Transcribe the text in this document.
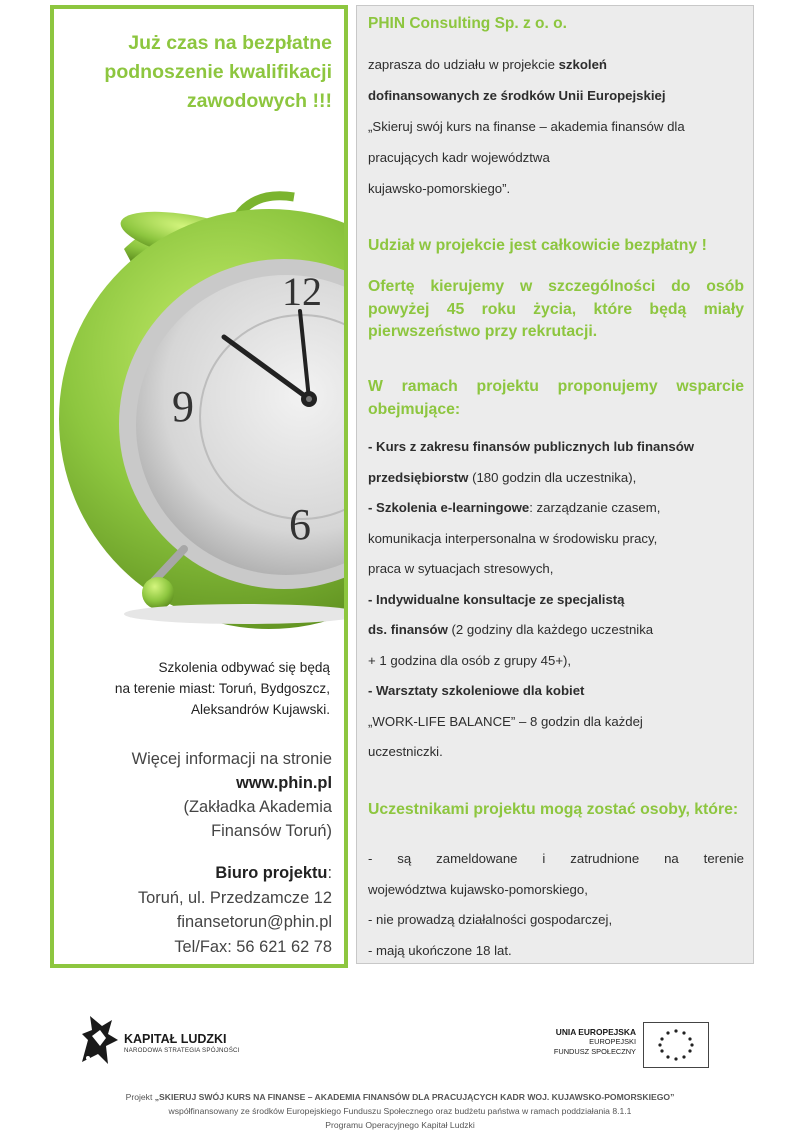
Już czas na bezpłatne
podnoszenie kwalifikacji
zawodowych !!!
12
9
6
Szkolenia odbywać się będą
na terenie miast: Toruń, Bydgoszcz,
Aleksandrów Kujawski.
Więcej informacji na stronie
www.phin.pl
(Zakładka Akademia
Finansów Toruń)
Biuro projektu:
Toruń, ul. Przedzamcze 12
finansetorun@phin.pl
Tel/Fax: 56 621 62 78
PHIN Consulting Sp. z o. o.
zaprasza do udziału w projekcie szkoleń
dofinansowanych ze środków Unii Europejskiej
„Skieruj swój kurs na finanse – akademia finansów dla
pracujących kadr województwa
kujawsko-pomorskiego”.
Udział w projekcie jest całkowicie bezpłatny !
Ofertę kierujemy w szczególności do osób powyżej 45 roku życia, które będą miały pierwszeństwo przy rekrutacji.
W ramach projektu proponujemy wsparcie obejmujące:
- Kurs z zakresu finansów publicznych lub finansów
przedsiębiorstw (180 godzin dla uczestnika),
- Szkolenia e-learningowe: zarządzanie czasem,
komunikacja interpersonalna w środowisku pracy,
praca w sytuacjach stresowych,
- Indywidualne konsultacje ze specjalistą
ds. finansów (2 godziny dla każdego uczestnika
+ 1 godzina dla osób z grupy 45+),
- Warsztaty szkoleniowe dla kobiet
„WORK-LIFE BALANCE” – 8 godzin dla każdej
uczestniczki.
Uczestnikami projektu mogą zostać osoby, które:
- są zameldowane i zatrudnione na terenie
województwa kujawsko-pomorskiego,
- nie prowadzą działalności gospodarczej,
- mają ukończone 18 lat.
KAPITAŁ LUDZKI
NARODOWA STRATEGIA SPÓJNOŚCI
UNIA EUROPEJSKA
EUROPEJSKI
FUNDUSZ SPOŁECZNY
Projekt „SKIERUJ SWÓJ KURS NA FINANSE – AKADEMIA FINANSÓW DLA PRACUJĄCYCH KADR WOJ. KUJAWSKO-POMORSKIEGO”
współfinansowany ze środków Europejskiego Funduszu Społecznego oraz budżetu państwa w ramach poddziałania 8.1.1
Programu Operacyjnego Kapitał Ludzki
